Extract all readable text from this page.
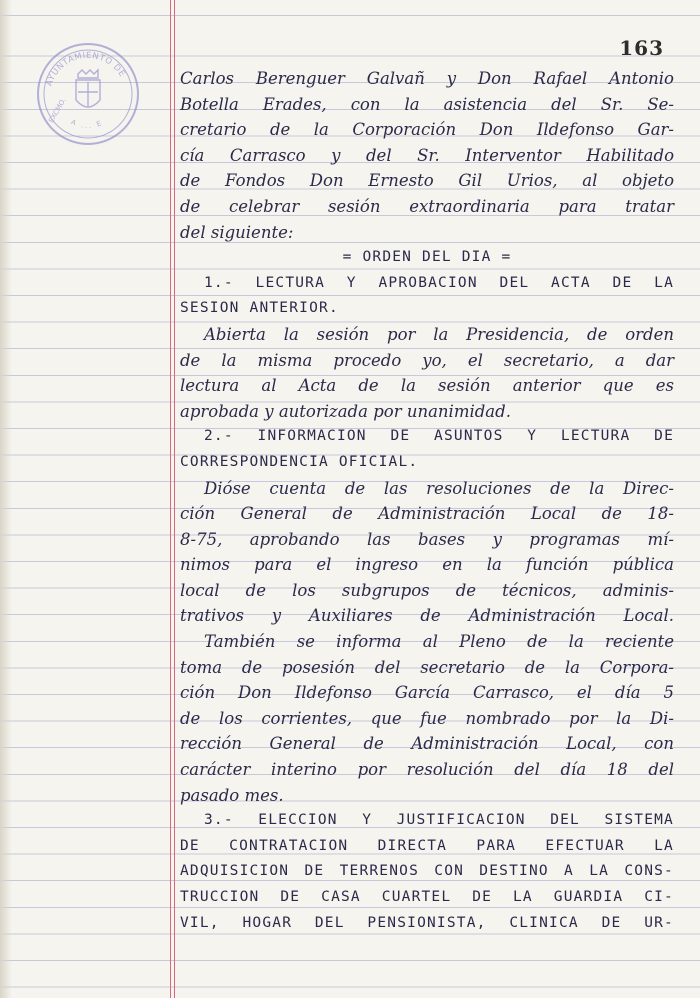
AYUNTAMIENTO DE
EXCMO. A ... E
163
Carlos Berenguer Galvañ y Don Rafael Antonio
Botella Erades, con la asistencia del Sr. Se-
cretario de la Corporación Don Ildefonso Gar-
cía Carrasco y del Sr. Interventor Habilitado
de Fondos Don Ernesto Gil Urios, al objeto
de celebrar sesión extraordinaria para tratar
del siguiente:
= ORDEN DEL DIA =
1.- LECTURA Y APROBACION DEL ACTA DE LA
SESION ANTERIOR.
Abierta la sesión por la Presidencia, de orden
de la misma procedo yo, el secretario, a dar
lectura al Acta de la sesión anterior que es
aprobada y autorizada por unanimidad.
2.- INFORMACION DE ASUNTOS Y LECTURA DE
CORRESPONDENCIA OFICIAL.
Dióse cuenta de las resoluciones de la Direc-
ción General de Administración Local de 18-
8-75, aprobando las bases y programas mí-
nimos para el ingreso en la función pública
local de los subgrupos de técnicos, adminis-
trativos y Auxiliares de Administración Local.
También se informa al Pleno de la reciente
toma de posesión del secretario de la Corpora-
ción Don Ildefonso García Carrasco, el día 5
de los corrientes, que fue nombrado por la Di-
rección General de Administración Local, con
carácter interino por resolución del día 18 del
pasado mes.
3.- ELECCION Y JUSTIFICACION DEL SISTEMA
DE CONTRATACION DIRECTA PARA EFECTUAR LA
ADQUISICION DE TERRENOS CON DESTINO A LA CONS-
TRUCCION DE CASA CUARTEL DE LA GUARDIA CI-
VIL, HOGAR DEL PENSIONISTA, CLINICA DE UR-
